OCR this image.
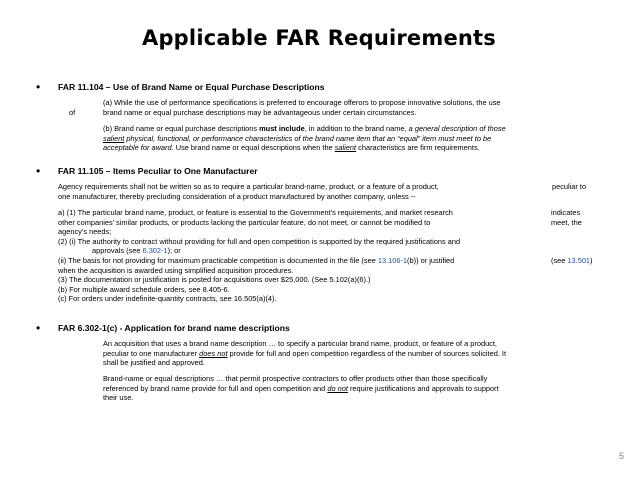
Applicable FAR Requirements
• FAR 11.104 – Use of Brand Name or Equal Purchase Descriptions
(a) While the use of performance specifications is preferred to encourage offerors to propose innovative solutions, the use
of	brand name or equal purchase descriptions may be advantageous under certain circumstances.
(b) Brand name or equal purchase descriptions must include, in addition to the brand name, a general description of those
salient physical, functional, or performance characteristics of the brand name item that an “equal” item must meet to be
acceptable for award. Use brand name or equal descriptions when the salient characteristics are firm requirements.
• FAR 11.105 – Items Peculiar to One Manufacturer
Agency requirements shall not be written so as to require a particular brand-name, product, or a feature of a product,	peculiar to
one manufacturer, thereby precluding consideration of a product manufactured by another company, unless --
a) (1) The particular brand name, product, or feature is essential to the Government’s requirements, and market research	indicates
other companies’ similar products, or products lacking the particular feature, do not meet, or cannot be modified to	meet, the
agency’s needs;
(2) (i) The authority to contract without providing for full and open competition is supported by the required justifications and
approvals (see 6.302-1); or
(ii) The basis for not providing for maximum practicable competition is documented in the file (see 13.106-1(b)) or justified	(see 13.501)
when the acquisition is awarded using simplified acquisition procedures.
(3) The documentation or justification is posted for acquisitions over $25,000. (See 5.102(a)(6).)
(b) For multiple award schedule orders, see 8.405-6.
(c) For orders under indefinite-quantity contracts, see 16.505(a)(4).
• FAR 6.302-1(c) - Application for brand name descriptions
An acquisition that uses a brand name description … to specify a particular brand name, product, or feature of a product,
peculiar to one manufacturer does not provide for full and open competition regardless of the number of sources solicited. It
shall be justified and approved.
Brand-name or equal descriptions … that permit prospective contractors to offer products other than those specifically
referenced by brand name provide for full and open competition and do not require justifications and approvals to support
their use.
5
